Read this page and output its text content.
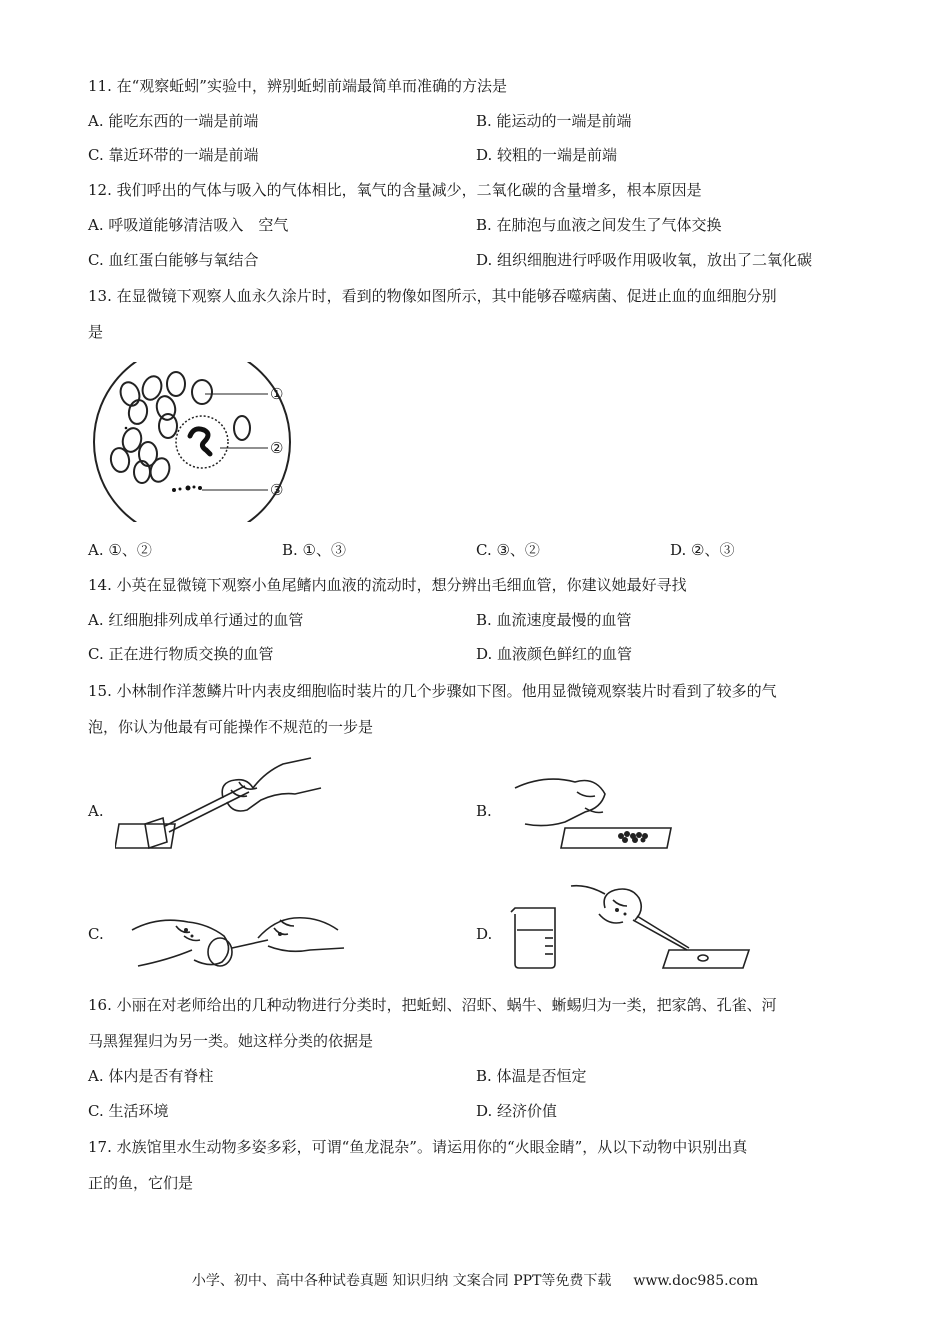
11. 在“观察蚯蚓”实验中，辨别蚯蚓前端最简单而准确的方法是
A. 能吃东西的一端是前端	B. 能运动的一端是前端
C. 靠近环带的一端是前端	D. 较粗的一端是前端
12. 我们呼出的气体与吸入的气体相比，氧气的含量减少，二氧化碳的含量增多，根本原因是
A. 呼吸道能够清洁吸入　空气	B. 在肺泡与血液之间发生了气体交换
C. 血红蛋白能够与氧结合	D. 组织细胞进行呼吸作用吸收氧，放出了二氧化碳
13. 在显微镜下观察人血永久涂片时，看到的物像如图所示，其中能够吞噬病菌、促进止血的血细胞分别
是
①
②
③
A. ①、②	B. ①、③	C. ③、②	D. ②、③
14. 小英在显微镜下观察小鱼尾鳍内血液的流动时，想分辨出毛细血管，你建议她最好寻找
A. 红细胞排列成单行通过的血管	B. 血流速度最慢的血管
C. 正在进行物质交换的血管	D. 血液颜色鲜红的血管
15. 小林制作洋葱鳞片叶内表皮细胞临时装片的几个步骤如下图。他用显微镜观察装片时看到了较多的气
泡，你认为他最有可能操作不规范的一步是
A.	B.
C.	D.
16. 小丽在对老师给出的几种动物进行分类时，把蚯蚓、沼虾、蜗牛、蜥蜴归为一类，把家鸽、孔雀、河
马黑猩猩归为另一类。她这样分类的依据是
A. 体内是否有脊柱	B. 体温是否恒定
C. 生活环境	D. 经济价值
17. 水族馆里水生动物多姿多彩，可谓“鱼龙混杂”。请运用你的“火眼金睛”，从以下动物中识别出真
正的鱼，它们是
小学、初中、高中各种试卷真题 知识归纳 文案合同 PPT等免费下载 www.doc985.com
